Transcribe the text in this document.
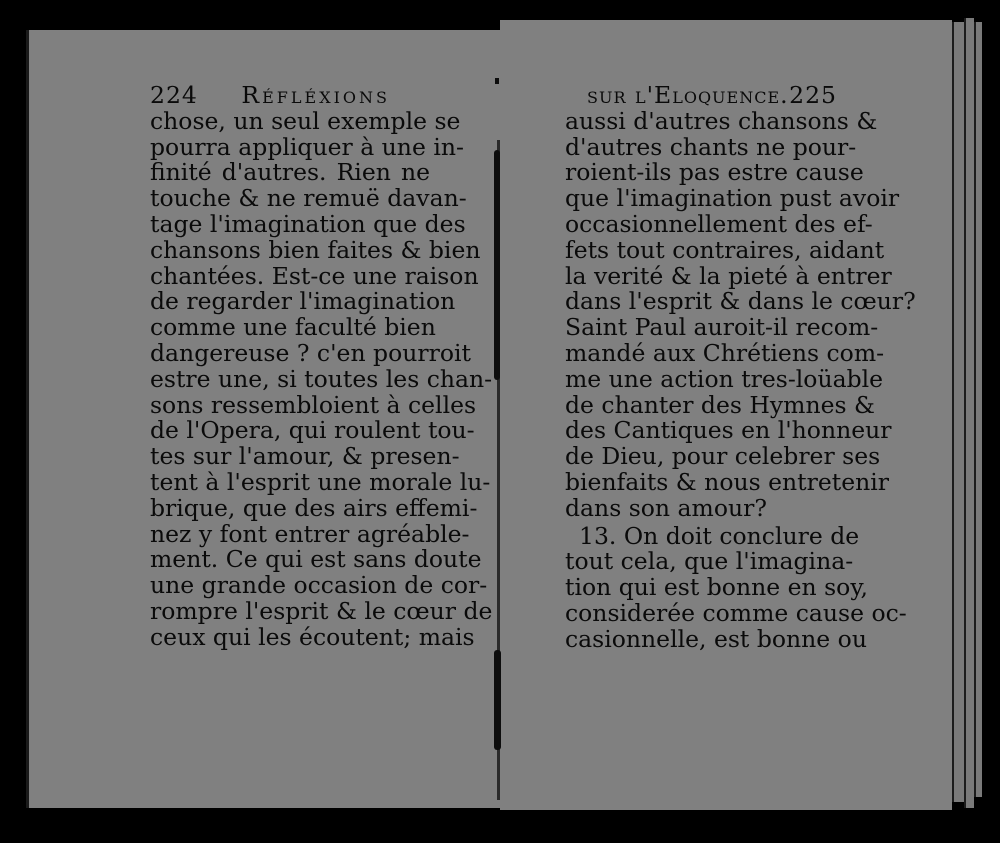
224 Réfléxions
chose, un seul exemple se
pourra appliquer à une in-
finité d'autres. Rien ne
touche & ne remuë davan-
tage l'imagination que des
chansons bien faites & bien
chantées. Est-ce une raison
de regarder l'imagination
comme une faculté bien
dangereuse ? c'en pourroit
estre une, si toutes les chan-
sons ressembloient à celles
de l'Opera, qui roulent tou-
tes sur l'amour, & presen-
tent à l'esprit une morale lu-
brique, que des airs effemi-
nez y font entrer agréable-
ment. Ce qui est sans doute
une grande occasion de cor-
rompre l'esprit & le cœur de
ceux qui les écoutent; mais
sur l'Eloquence. 225
aussi d'autres chansons &
d'autres chants ne pour-
roient-ils pas estre cause
que l'imagination pust avoir
occasionnellement des ef-
fets tout contraires, aidant
la verité & la pieté à entrer
dans l'esprit & dans le cœur?
Saint Paul auroit-il recom-
mandé aux Chrétiens com-
me une action tres-loüable
de chanter des Hymnes &
des Cantiques en l'honneur
de Dieu, pour celebrer ses
bienfaits & nous entretenir
dans son amour?
13. On doit conclure de
tout cela, que l'imagina-
tion qui est bonne en soy,
considerée comme cause oc-
casionnelle, est bonne ou
